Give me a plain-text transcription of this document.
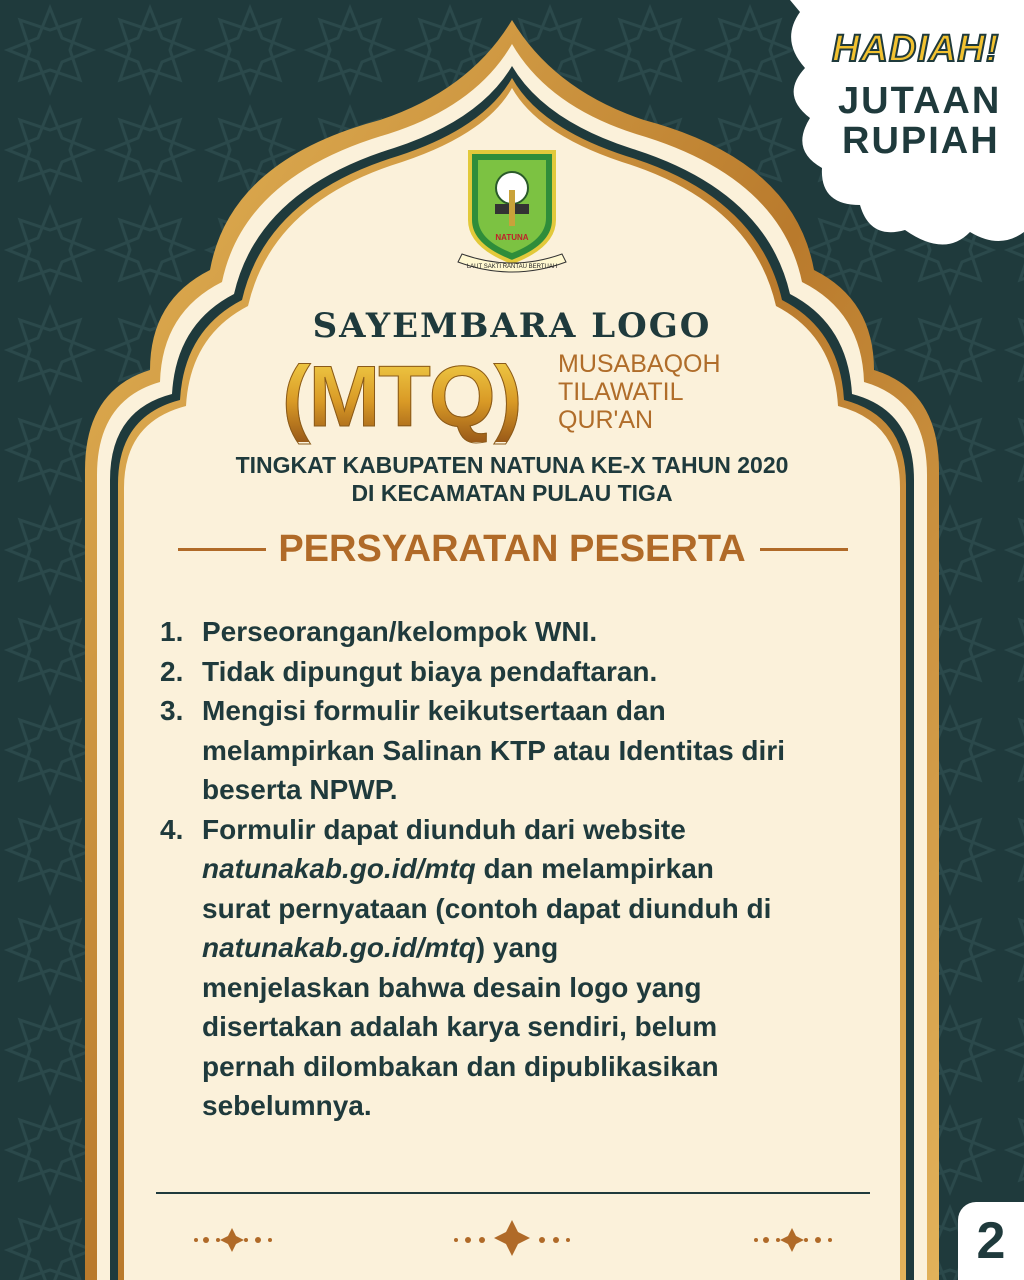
NATUNA
LAUT SAKTI RANTAU BERTUAH
SAYEMBARA LOGO
(MTQ) MUSABAQOH
TILAWATIL
QUR'AN
TINGKAT KABUPATEN NATUNA KE-X TAHUN 2020
DI KECAMATAN PULAU TIGA
PERSYARATAN PESERTA
1. Perseorangan/kelompok WNI.
2. Tidak dipungut biaya pendaftaran.
3. Mengisi formulir keikutsertaan dan
melampirkan Salinan KTP atau Identitas diri
beserta NPWP.
4. Formulir dapat diunduh dari website
natunakab.go.id/mtq dan melampirkan
surat pernyataan (contoh dapat diunduh di
natunakab.go.id/mtq) yang
menjelaskan bahwa desain logo yang
disertakan adalah karya sendiri, belum
pernah dilombakan dan dipublikasikan
sebelumnya.
HADIAH!
JUTAAN
RUPIAH
2
